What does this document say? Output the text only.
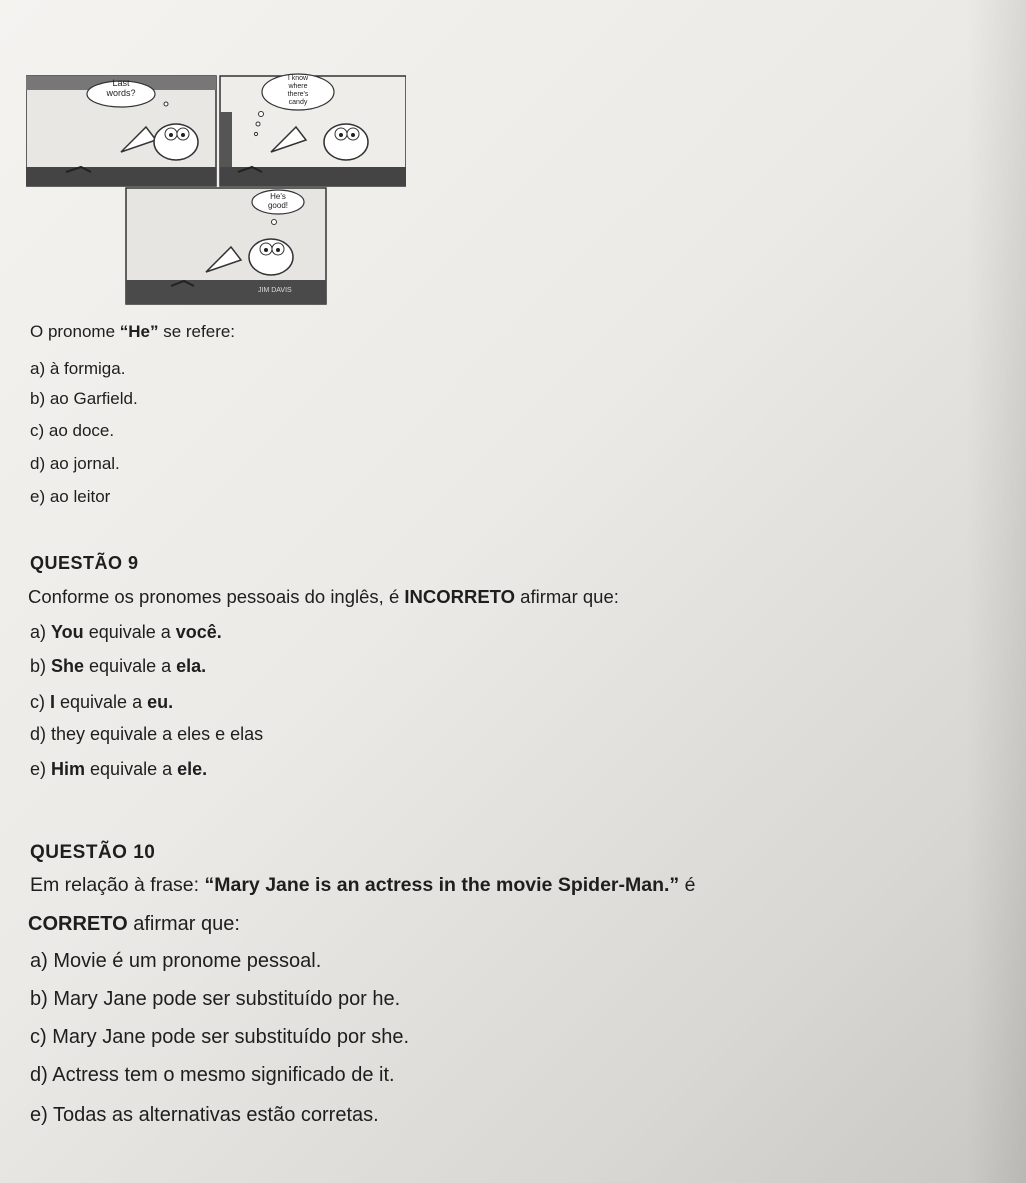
Last
words?
I know
where
there's
candy
He's
good!
JIM DAVIS
O pronome “He” se refere:
a) à formiga.
b) ao Garfield.
c) ao doce.
d) ao jornal.
e) ao leitor
QUESTÃO 9
Conforme os pronomes pessoais do inglês, é INCORRETO afirmar que:
a) You equivale a você.
b) She equivale a ela.
c) I equivale a eu.
d) they equivale a eles e elas
e) Him equivale a ele.
QUESTÃO 10
Em relação à frase: “Mary Jane is an actress in the movie Spider-Man.” é
CORRETO afirmar que:
a) Movie é um pronome pessoal.
b) Mary Jane pode ser substituído por he.
c) Mary Jane pode ser substituído por she.
d) Actress tem o mesmo significado de it.
e) Todas as alternativas estão corretas.
